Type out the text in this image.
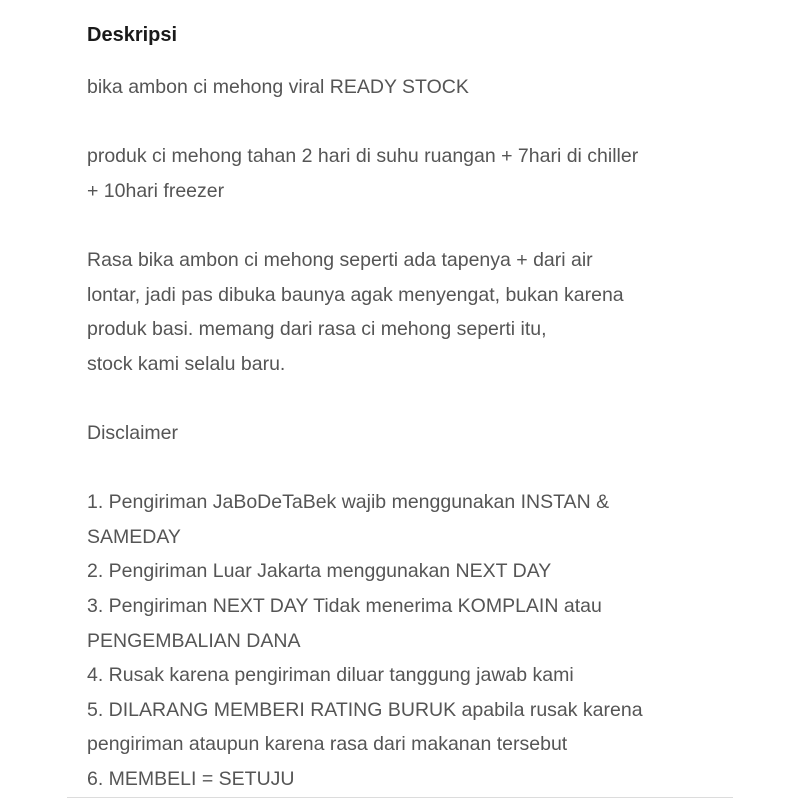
Deskripsi
bika ambon ci mehong viral READY STOCK
produk ci mehong tahan 2 hari di suhu ruangan + 7hari di chiller
+ 10hari freezer
Rasa bika ambon ci mehong seperti ada tapenya + dari air
lontar, jadi pas dibuka baunya agak menyengat, bukan karena
produk basi. memang dari rasa ci mehong seperti itu,
stock kami selalu baru.
Disclaimer
1. Pengiriman JaBoDeTaBek wajib menggunakan INSTAN &
SAMEDAY
2. Pengiriman Luar Jakarta menggunakan NEXT DAY
3. Pengiriman NEXT DAY Tidak menerima KOMPLAIN atau
PENGEMBALIAN DANA
4. Rusak karena pengiriman diluar tanggung jawab kami
5. DILARANG MEMBERI RATING BURUK apabila rusak karena
pengiriman ataupun karena rasa dari makanan tersebut
6. MEMBELI = SETUJU
